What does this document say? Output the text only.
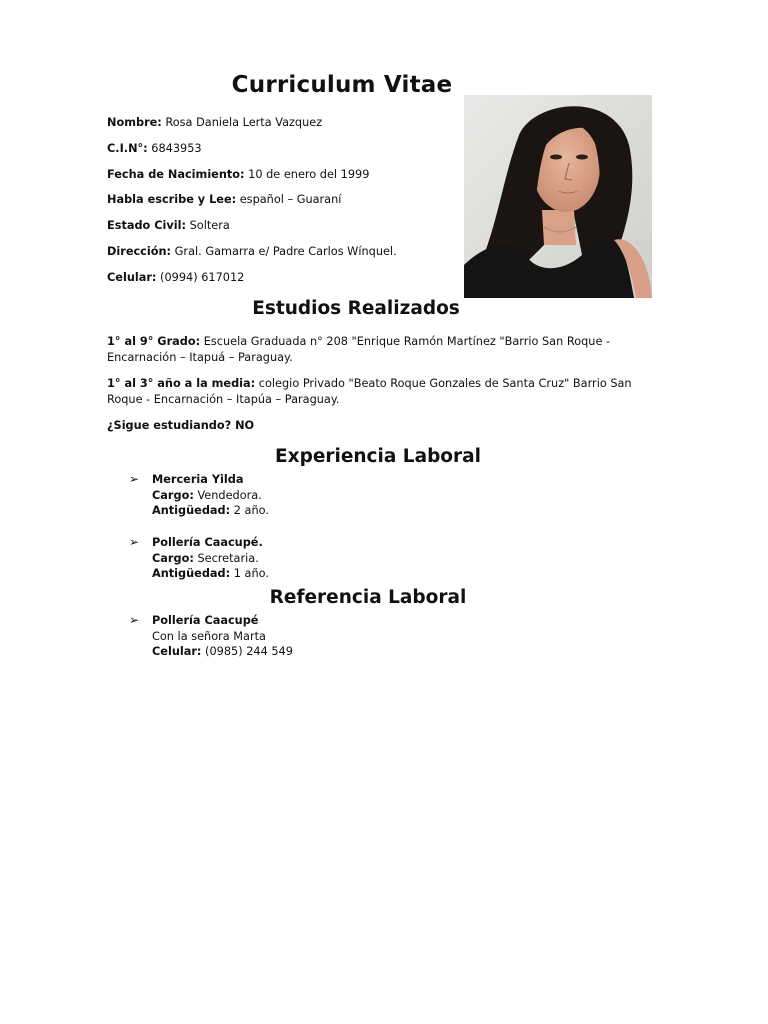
Curriculum Vitae
Nombre: Rosa Daniela Lerta Vazquez
C.I.N°: 6843953
Fecha de Nacimiento: 10 de enero del 1999
Habla escribe y Lee: español – Guaraní
Estado Civil: Soltera
Dirección: Gral. Gamarra e/ Padre Carlos Wínquel.
Celular: (0994) 617012
Estudios Realizados
1° al 9° Grado: Escuela Graduada n° 208 "Enrique Ramón Martínez "Barrio San Roque - Encarnación – Itapuá – Paraguay.
1° al 3° año a la media: colegio Privado "Beato Roque Gonzales de Santa Cruz" Barrio San Roque - Encarnación – Itapúa – Paraguay.
¿Sigue estudiando? NO
Experiencia Laboral
➢ Merceria Yilda
Cargo: Vendedora.
Antigüedad: 2 año.
➢ Pollería Caacupé.
Cargo: Secretaria.
Antigüedad: 1 año.
Referencia Laboral
➢ Pollería Caacupé
Con la señora Marta
Celular: (0985) 244 549
